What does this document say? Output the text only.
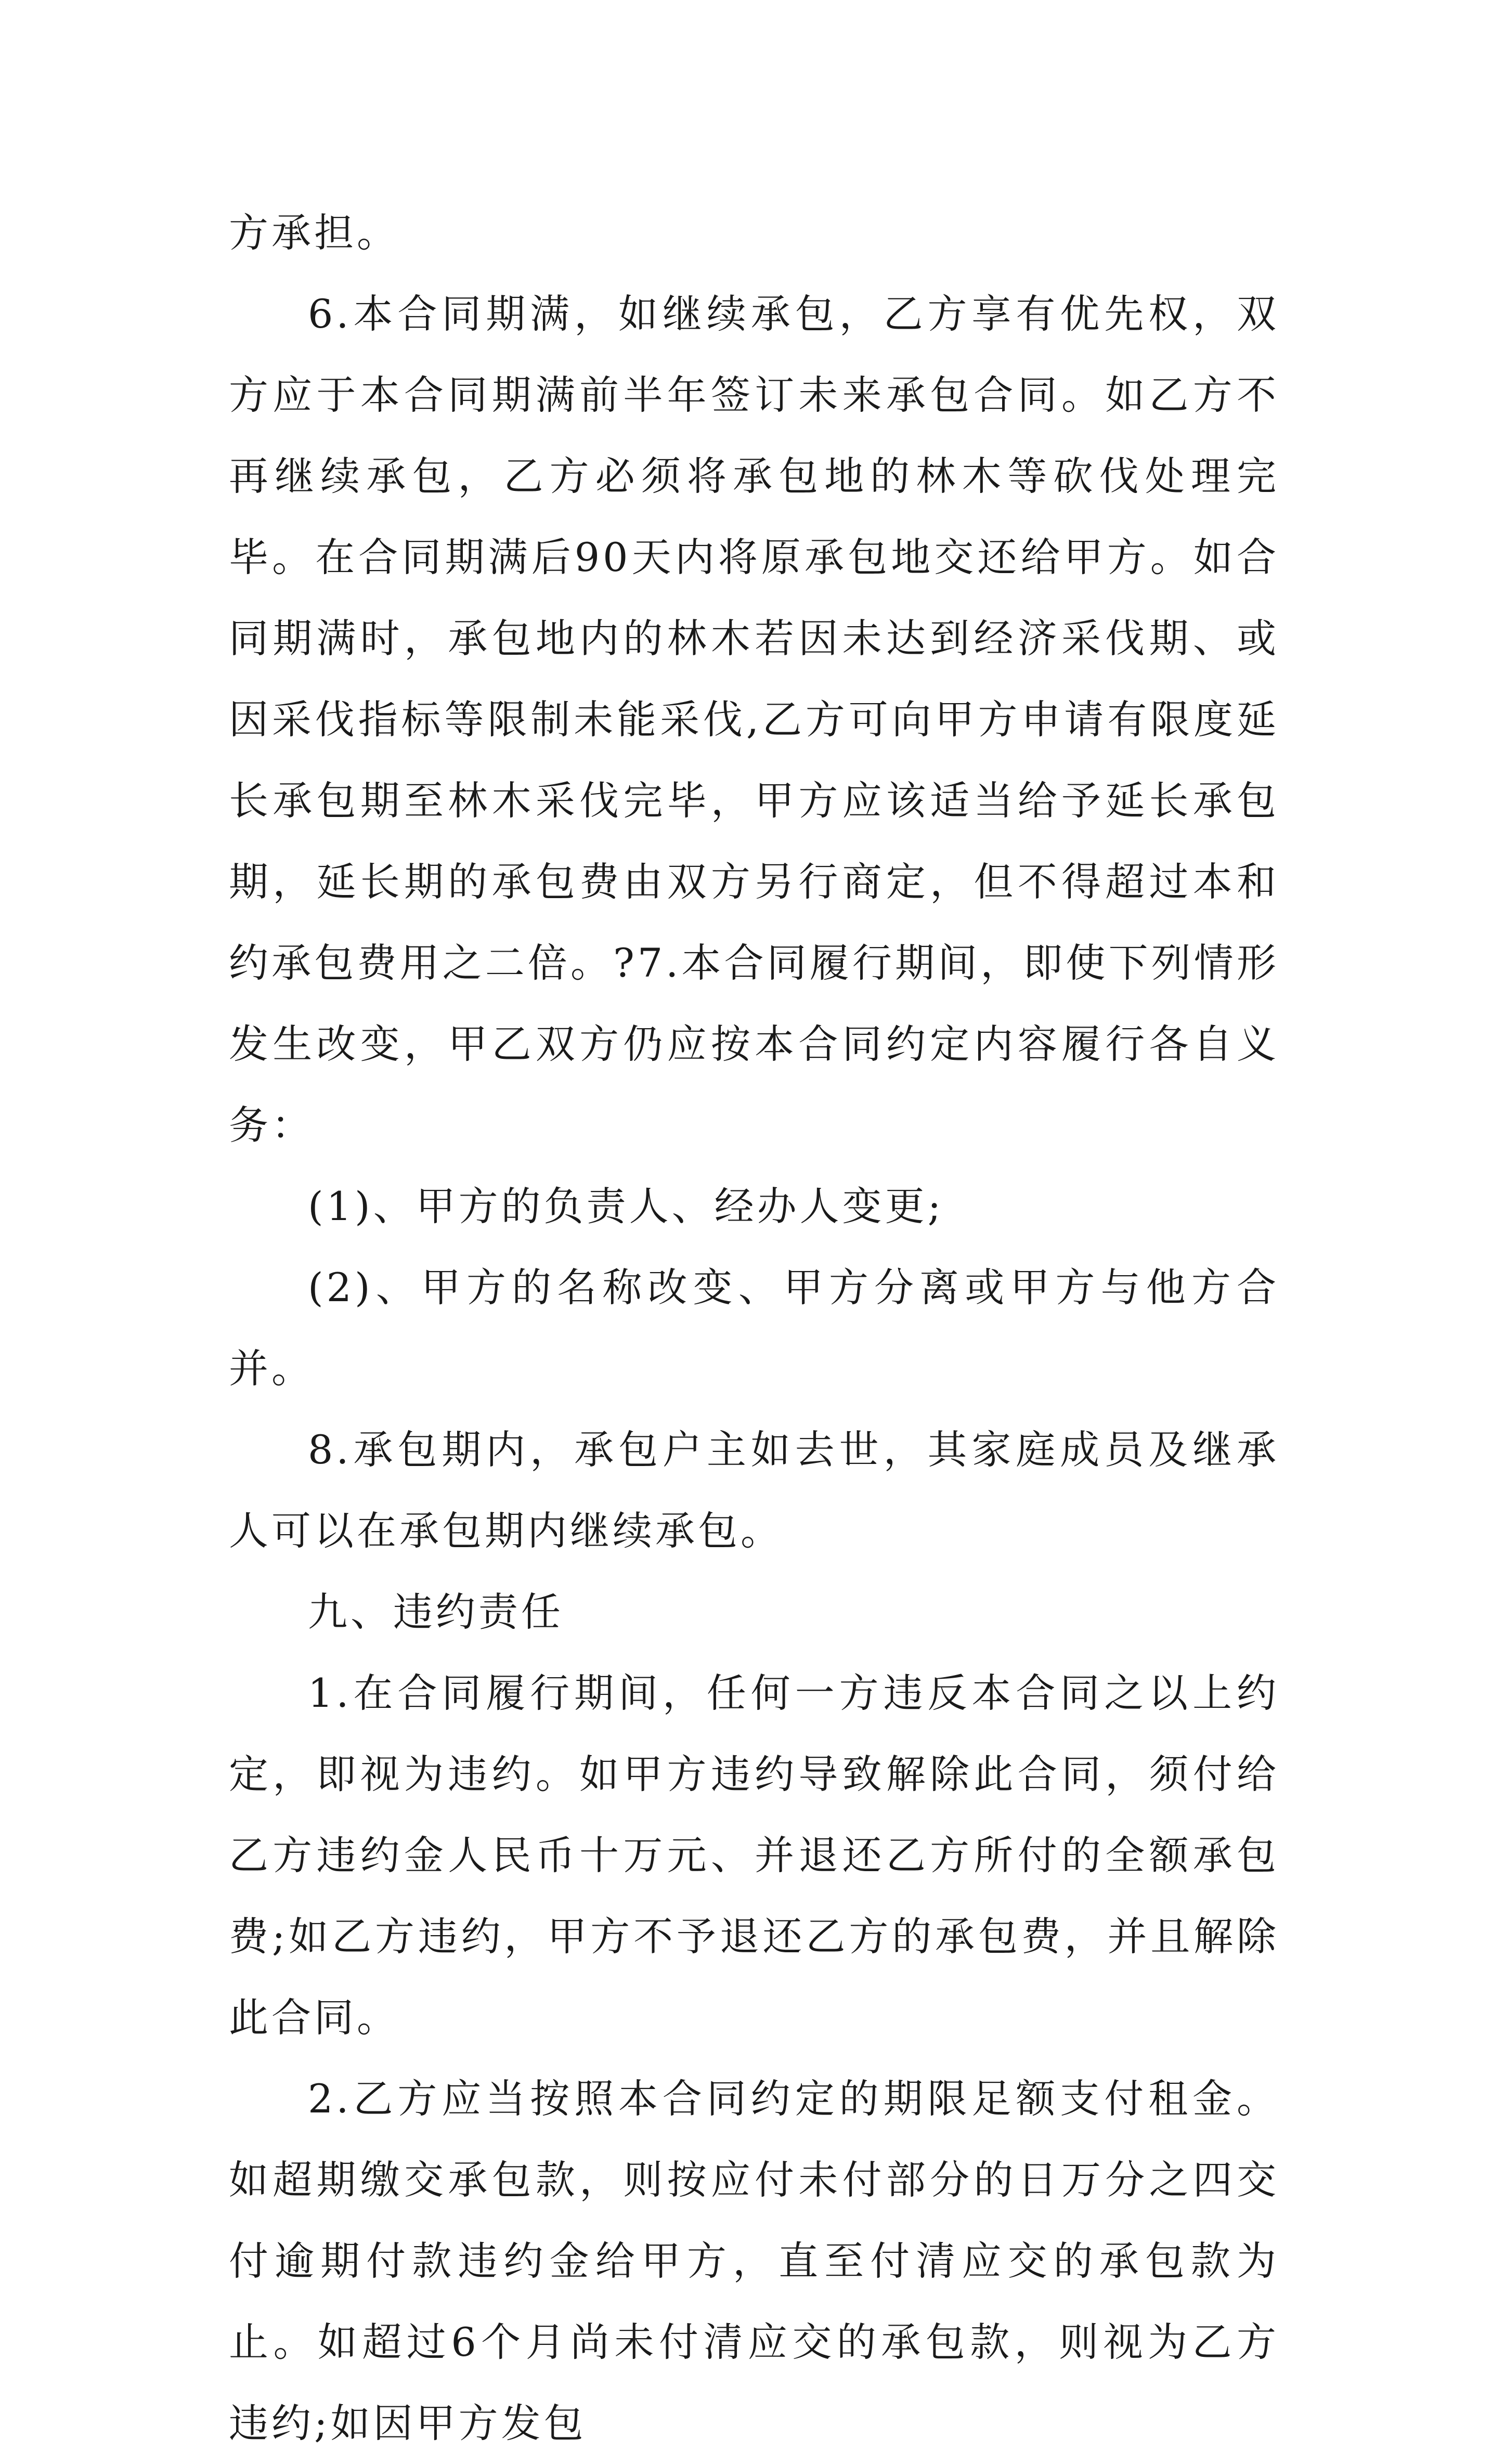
方承担。

6.本合同期满，如继续承包，乙方享有优先权，双方应于本合同期满前半年签订未来承包合同。如乙方不再继续承包，乙方必须将承包地的林木等砍伐处理完毕。在合同期满后90天内将原承包地交还给甲方。如合同期满时，承包地内的林木若因未达到经济采伐期、或因采伐指标等限制未能采伐,乙方可向甲方申请有限度延长承包期至林木采伐完毕，甲方应该适当给予延长承包期，延长期的承包费由双方另行商定，但不得超过本和约承包费用之二倍。?7.本合同履行期间，即使下列情形发生改变，甲乙双方仍应按本合同约定内容履行各自义务：

(1)、甲方的负责人、经办人变更;

(2)、甲方的名称改变、甲方分离或甲方与他方合并。

8.承包期内，承包户主如去世，其家庭成员及继承人可以在承包期内继续承包。

九、违约责任

1.在合同履行期间，任何一方违反本合同之以上约定，即视为违约。如甲方违约导致解除此合同，须付给乙方违约金人民币十万元、并退还乙方所付的全额承包费;如乙方违约，甲方不予退还乙方的承包费，并且解除此合同。

2.乙方应当按照本合同约定的期限足额支付租金。如超期缴交承包款，则按应付未付部分的日万分之四交付逾期付款违约金给甲方，直至付清应交的承包款为止。如超过6个月尚未付清应交的承包款，则视为乙方违约;如因甲方发包
